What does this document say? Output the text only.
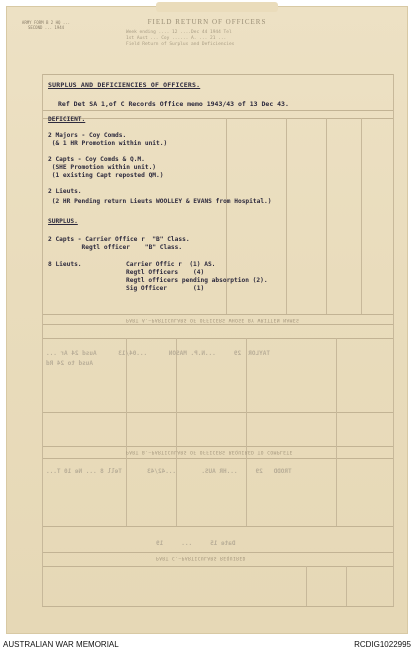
ARMY FORM B 2 HQ ... SECOND ... 1944
FIELD RETURN OF OFFICERS
Week ending .... 12 ....Dec 44 1944 Tel
1st Aust ... Coy ...... A. ... 21 ...
Field Return of Surplus and Deficiencies
SURPLUS AND DEFICIENCIES OF OFFICERS.
Ref Det SA 1,of C Records Office memo 1943/43 of 13 Dec 43.
DEFICIENT.
2 Majors - Coy Comds.
(& 1 HR Promotion within unit.)
2 Capts - Coy Comds & Q.M.
(SHE Promotion within unit.)
(1 existing Capt reposted QM.)
2 Lieuts.
(2 HR Pending return Lieuts WOOLLEY & EVANS from Hospital.)
SURPLUS.
2 Capts - Carrier Office r  "B" Class.
Regtl officer    "B" Class.
8 Lieuts.	Carrier Offic r  (1) AS.
Regtl Officers    (4)
Regtl officers pending absorption (2).
Sig Officer       (1)
PART A.—PARTICULARS OF OFFICERS WHOSE BY WRITTEN NAMES
PART B.—PARTICULARS OF OFFICERS REQUIRED TO COMPLETE
PART C.—PARTICULARS REQUIRED
TAYLOR  29     ...N.P. MASON      ...04/13      Ausd 24 Ar ...
Ausd to 24 Rd
TRODD   29     ...HR AUS.       ...42/43       Tell 8 ... Ne 10 T...
Date 15     ...     19
AUSTRALIAN WAR MEMORIAL	RCDIG1022995
